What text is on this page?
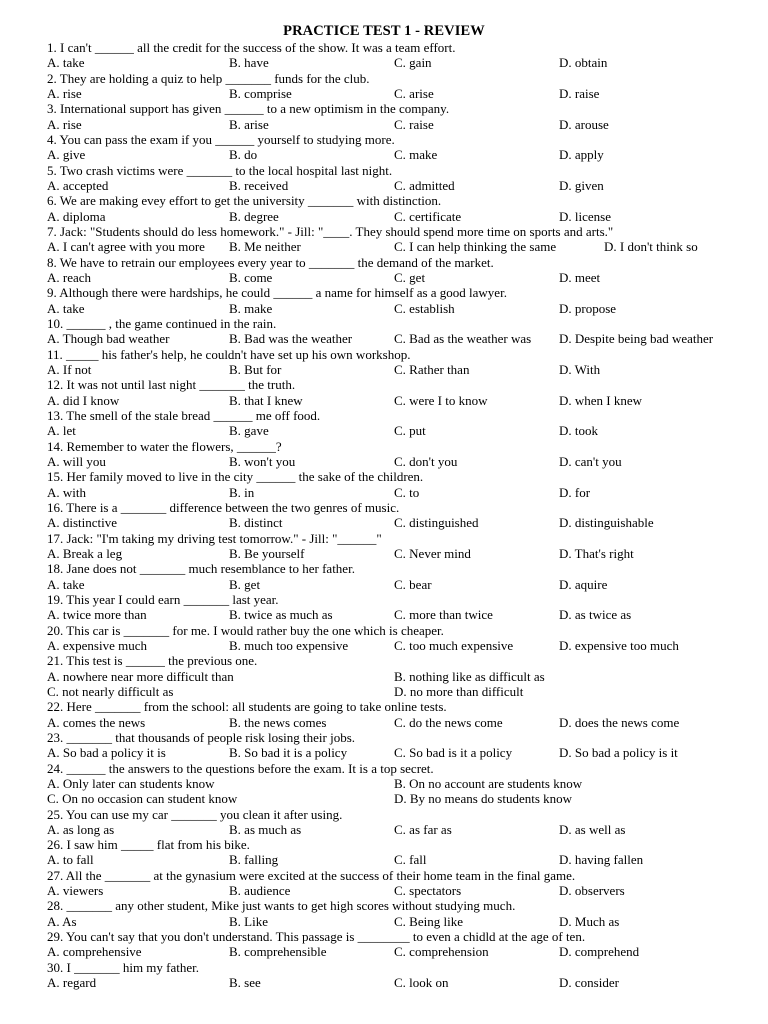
PRACTICE TEST 1 - REVIEW
1. I can't ______ all the credit for the success of the show. It was a team effort.
A. take	B. have	C. gain	D. obtain
2. They are holding a quiz to help _______ funds for the club.
A. rise	B. comprise	C. arise	D. raise
3. International support has given ______ to a new optimism in the company.
A. rise	B. arise	C. raise	D. arouse
4. You can pass the exam if you ______ yourself to studying more.
A. give	B. do	C. make	D. apply
5. Two crash victims were _______ to the local hospital last night.
A. accepted	B. received	C. admitted	D. given
6. We are making evey effort to get the university _______ with distinction.
A. diploma	B. degree	C. certificate	D. license
7. Jack: "Students should do less homework." - Jill: "____. They should spend more time on sports and arts."
A. I can't agree with you more B. Me neither	C. I can help thinking the same	D. I don't think so
8. We have to retrain our employees every year to _______ the demand of the market.
A. reach	B. come	C. get	D. meet
9. Although there were hardships, he could ______ a name for himself as a good lawyer.
A. take	B. make	C. establish	D. propose
10. ______ , the game continued in the rain.
A. Though bad weather	B. Bad was the weather	C. Bad as the weather was D. Despite being bad weather
11. _____ his father's help, he couldn't have set up his own workshop.
A. If not	B. But for	C. Rather than	D. With
12. It was not until last night _______ the truth.
A. did I know	B. that I knew	C. were I to know	D. when I knew
13. The smell of the stale bread ______ me off food.
A. let	B. gave	C. put	D. took
14. Remember to water the flowers, ______?
A. will you	B. won't you	C. don't you	D. can't you
15. Her family moved to live in the city ______ the sake of the children.
A. with	B. in	C. to	D. for
16. There is a _______ difference between the two genres of music.
A. distinctive	B. distinct	C. distinguished	D. distinguishable
17. Jack: "I'm taking my driving test tomorrow." - Jill: "______"
A. Break a leg	B. Be yourself	C. Never mind	D. That's right
18. Jane does not _______ much resemblance to her father.
A. take	B. get	C. bear	D. aquire
19. This year I could earn _______ last year.
A. twice more than	B. twice as much as	C. more than twice	D. as twice as
20. This car is _______ for me. I would rather buy the one which is cheaper.
A. expensive much	B. much too expensive	C. too much expensive	D. expensive too much
21. This test is ______ the previous one.
A. nowhere near more difficult than	B. nothing like as difficult as
C. not nearly difficult as	D. no more than difficult
22. Here _______ from the school: all students are going to take online tests.
A. comes the news	B. the news comes	C. do the news come	D. does the news come
23. _______ that thousands of people risk losing their jobs.
A. So bad a policy it is	B. So bad it is a policy	C. So bad is it a policy	D. So bad a policy is it
24. ______ the answers to the questions before the exam. It is a top secret.
A. Only later can students know	B. On no account are students know
C. On no occasion can student know	D. By no means do students know
25. You can use my car _______ you clean it after using.
A. as long as	B. as much as	C. as far as	D. as well as
26. I saw him _____ flat from his bike.
A. to fall	B. falling	C. fall	D. having fallen
27. All the _______ at the gynasium were excited at the success of their home team in the final game.
A. viewers	B. audience	C. spectators	D. observers
28. _______ any other student, Mike just wants to get high scores without studying much.
A. As	B. Like	C. Being like	D. Much as
29. You can't say that you don't understand. This passage is ________ to even a chidld at the age of ten.
A. comprehensive	B. comprehensible	C. comprehension	D. comprehend
30. I _______ him my father.
A. regard	B. see	C. look on	D. consider
